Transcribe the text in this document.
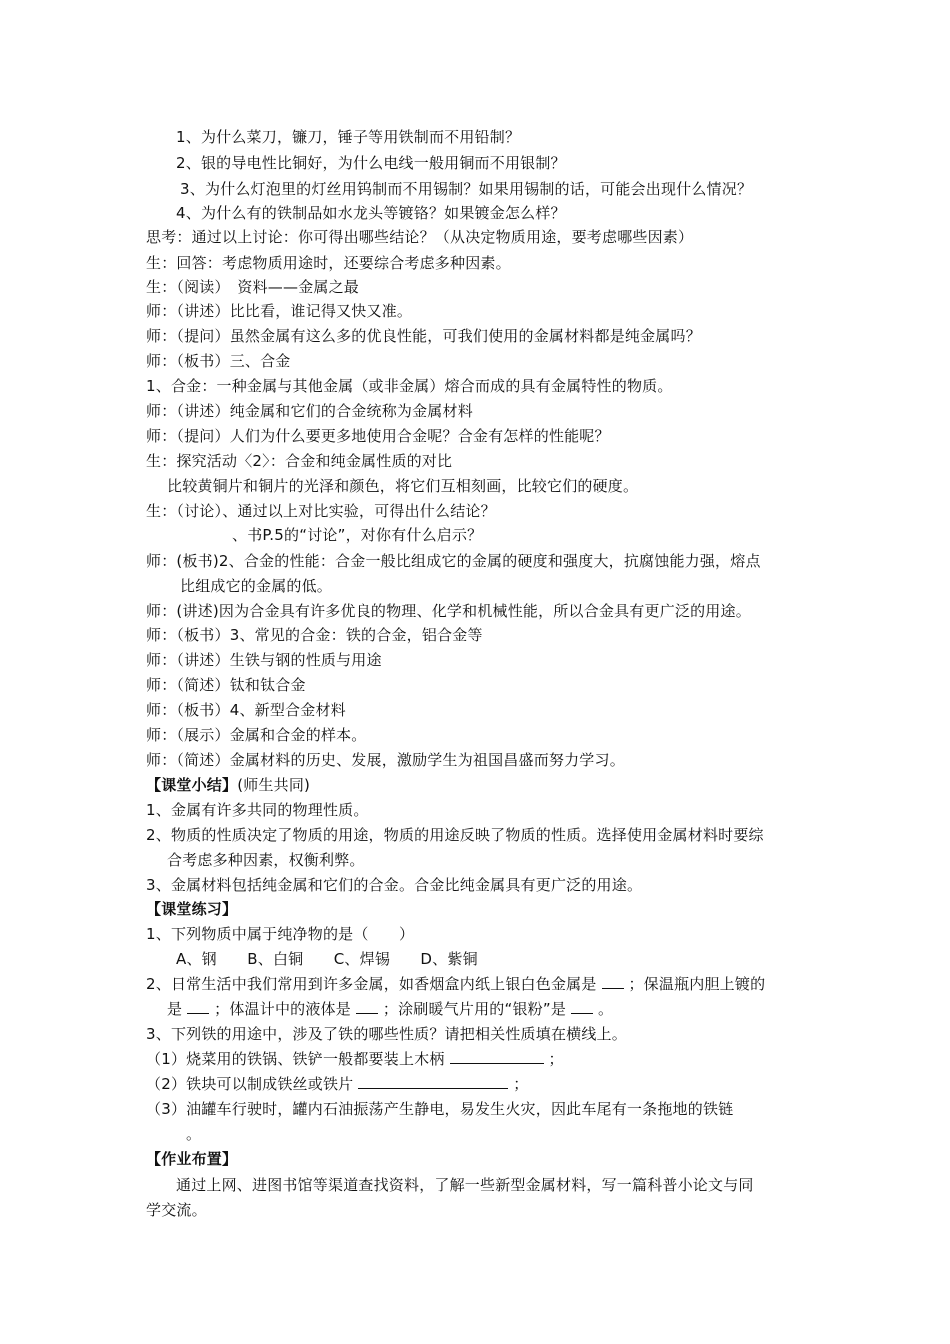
1、为什么菜刀，镰刀，锤子等用铁制而不用铅制？
2、银的导电性比铜好，为什么电线一般用铜而不用银制？
3、为什么灯泡里的灯丝用钨制而不用锡制？如果用锡制的话，可能会出现什么情况？
4、为什么有的铁制品如水龙头等镀铬？如果镀金怎么样？
思考：通过以上讨论：你可得出哪些结论？（从决定物质用途，要考虑哪些因素）
生：回答：考虑物质用途时，还要综合考虑多种因素。
生：（阅读）　资料——金属之最
师：（讲述）比比看，谁记得又快又准。
师：（提问）虽然金属有这么多的优良性能，可我们使用的金属材料都是纯金属吗？
师：（板书）三、合金
1、合金：一种金属与其他金属（或非金属）熔合而成的具有金属特性的物质。
师：（讲述）纯金属和它们的合金统称为金属材料
师：（提问）人们为什么要更多地使用合金呢？合金有怎样的性能呢？
生：探究活动〈2〉：合金和纯金属性质的对比
比较黄铜片和铜片的光泽和颜色，将它们互相刻画，比较它们的硬度。
生：（讨论）、通过以上对比实验，可得出什么结论？
、书P.5的“讨论”，对你有什么启示？
师：(板书)2、合金的性能：合金一般比组成它的金属的硬度和强度大，抗腐蚀能力强，熔点
比组成它的金属的低。
师：(讲述)因为合金具有许多优良的物理、化学和机械性能，所以合金具有更广泛的用途。
师：（板书）3、常见的合金：铁的合金，铝合金等
师：（讲述）生铁与钢的性质与用途
师：（简述）钛和钛合金
师：（板书）4、新型合金材料
师：（展示）金属和合金的样本。
师：（简述）金属材料的历史、发展，激励学生为祖国昌盛而努力学习。
【课堂小结】(师生共同)
1、金属有许多共同的物理性质。
2、物质的性质决定了物质的用途，物质的用途反映了物质的性质。选择使用金属材料时要综
合考虑多种因素，权衡利弊。
3、金属材料包括纯金属和它们的合金。合金比纯金属具有更广泛的用途。
【课堂练习】
1、下列物质中属于纯净物的是（　　）
A、钢　　B、白铜　　C、焊锡　　D、紫铜
2、日常生活中我们常用到许多金属，如香烟盒内纸上银白色金属是 ；保温瓶内胆上镀的
是 ；体温计中的液体是 ；涂刷暖气片用的“银粉”是 。
3、下列铁的用途中，涉及了铁的哪些性质？请把相关性质填在横线上。
（1）烧菜用的铁锅、铁铲一般都要装上木柄	；
（2）铁块可以制成铁丝或铁片	；
（3）油罐车行驶时，罐内石油振荡产生静电，易发生火灾，因此车尾有一条拖地的铁链
。
【作业布置】
通过上网、进图书馆等渠道查找资料，了解一些新型金属材料，写一篇科普小论文与同
学交流。
